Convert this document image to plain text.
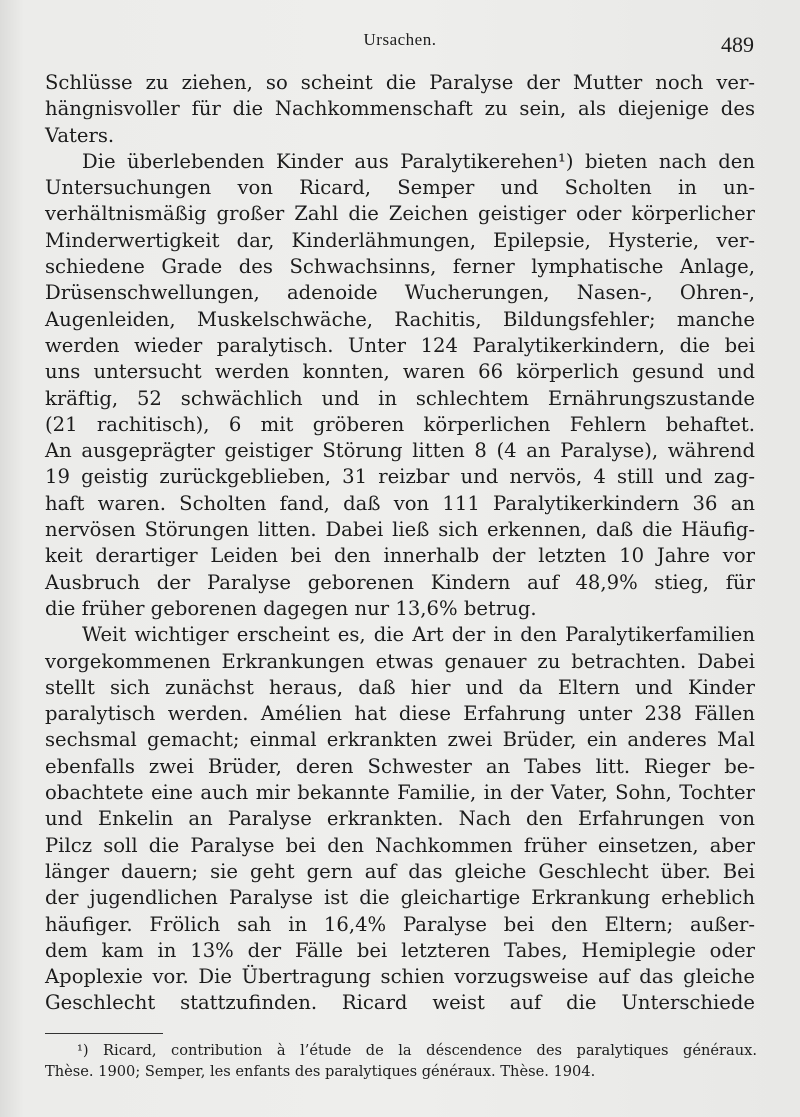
Ursachen.	489
Schlüsse zu ziehen, so scheint die Paralyse der Mutter noch ver-
hängnisvoller für die Nachkommenschaft zu sein, als diejenige des
Vaters.
Die überlebenden Kinder aus Paralytikerehen¹) bieten nach den
Untersuchungen von Ricard, Semper und Scholten in un-
verhältnismäßig großer Zahl die Zeichen geistiger oder körperlicher
Minderwertigkeit dar, Kinderlähmungen, Epilepsie, Hysterie, ver-
schiedene Grade des Schwachsinns, ferner lymphatische Anlage,
Drüsenschwellungen, adenoide Wucherungen, Nasen-, Ohren-,
Augenleiden, Muskelschwäche, Rachitis, Bildungsfehler; manche
werden wieder paralytisch. Unter 124 Paralytikerkindern, die bei
uns untersucht werden konnten, waren 66 körperlich gesund und
kräftig, 52 schwächlich und in schlechtem Ernährungszustande
(21 rachitisch), 6 mit gröberen körperlichen Fehlern behaftet.
An ausgeprägter geistiger Störung litten 8 (4 an Paralyse), während
19 geistig zurückgeblieben, 31 reizbar und nervös, 4 still und zag-
haft waren. Scholten fand, daß von 111 Paralytikerkindern 36 an
nervösen Störungen litten. Dabei ließ sich erkennen, daß die Häufig-
keit derartiger Leiden bei den innerhalb der letzten 10 Jahre vor
Ausbruch der Paralyse geborenen Kindern auf 48,9% stieg, für
die früher geborenen dagegen nur 13,6% betrug.
Weit wichtiger erscheint es, die Art der in den Paralytikerfamilien
vorgekommenen Erkrankungen etwas genauer zu betrachten. Dabei
stellt sich zunächst heraus, daß hier und da Eltern und Kinder
paralytisch werden. Amélien hat diese Erfahrung unter 238 Fällen
sechsmal gemacht; einmal erkrankten zwei Brüder, ein anderes Mal
ebenfalls zwei Brüder, deren Schwester an Tabes litt. Rieger be-
obachtete eine auch mir bekannte Familie, in der Vater, Sohn, Tochter
und Enkelin an Paralyse erkrankten. Nach den Erfahrungen von
Pilcz soll die Paralyse bei den Nachkommen früher einsetzen, aber
länger dauern; sie geht gern auf das gleiche Geschlecht über. Bei
der jugendlichen Paralyse ist die gleichartige Erkrankung erheblich
häufiger. Frölich sah in 16,4% Paralyse bei den Eltern; außer-
dem kam in 13% der Fälle bei letzteren Tabes, Hemiplegie oder
Apoplexie vor. Die Übertragung schien vorzugsweise auf das gleiche
Geschlecht stattzufinden. Ricard weist auf die Unterschiede
¹) Ricard, contribution à l’étude de la déscendence des paralytiques généraux.
Thèse. 1900; Semper, les enfants des paralytiques généraux. Thèse. 1904.
